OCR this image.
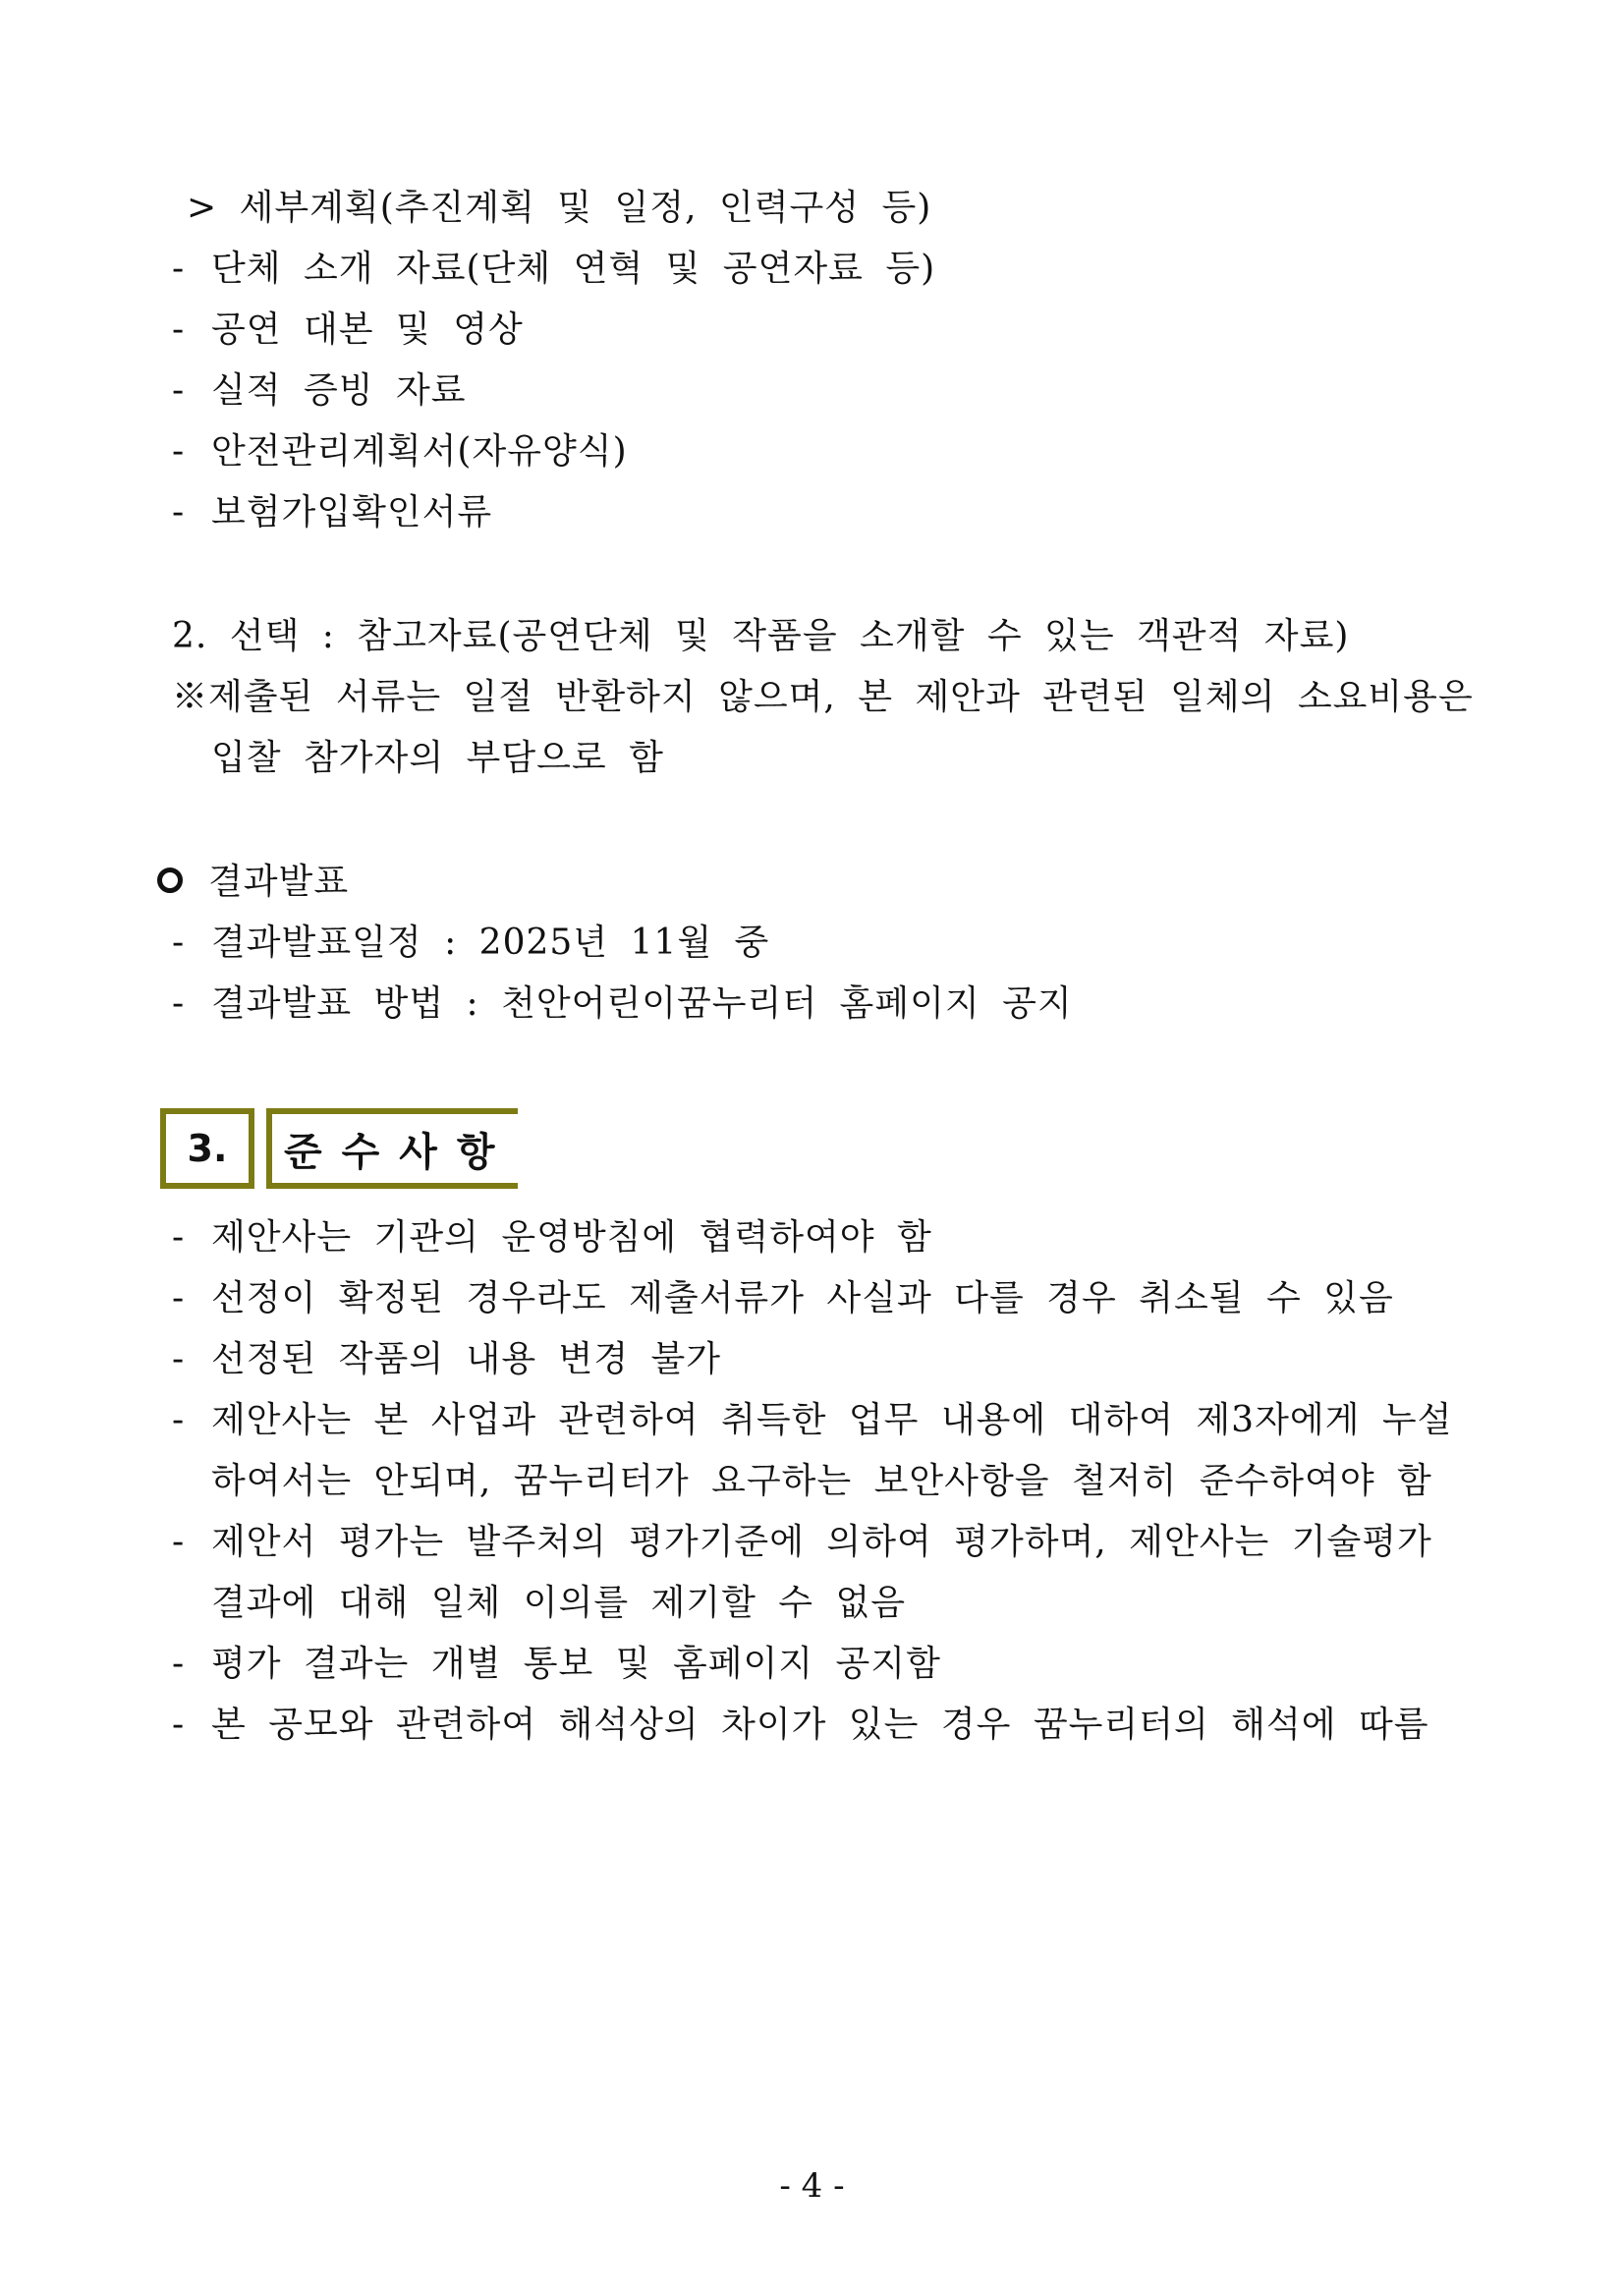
> 세부계획(추진계획 및 일정, 인력구성 등)
- 단체 소개 자료(단체 연혁 및 공연자료 등)
- 공연 대본 및 영상
- 실적 증빙 자료
- 안전관리계획서(자유양식)
- 보험가입확인서류
2. 선택 : 참고자료(공연단체 및 작품을 소개할 수 있는 객관적 자료)
※제출된 서류는 일절 반환하지 않으며, 본 제안과 관련된 일체의 소요비용은
입찰 참가자의 부담으로 함
결과발표
- 결과발표일정 : 2025년 11월 중
- 결과발표 방법 : 천안어린이꿈누리터 홈페이지 공지
3.	준수사항
- 제안사는 기관의 운영방침에 협력하여야 함
- 선정이 확정된 경우라도 제출서류가 사실과 다를 경우 취소될 수 있음
- 선정된 작품의 내용 변경 불가
- 제안사는 본 사업과 관련하여 취득한 업무 내용에 대하여 제3자에게 누설
하여서는 안되며, 꿈누리터가 요구하는 보안사항을 철저히 준수하여야 함
- 제안서 평가는 발주처의 평가기준에 의하여 평가하며, 제안사는 기술평가
결과에 대해 일체 이의를 제기할 수 없음
- 평가 결과는 개별 통보 및 홈페이지 공지함
- 본 공모와 관련하여 해석상의 차이가 있는 경우 꿈누리터의 해석에 따름
- 4 -
